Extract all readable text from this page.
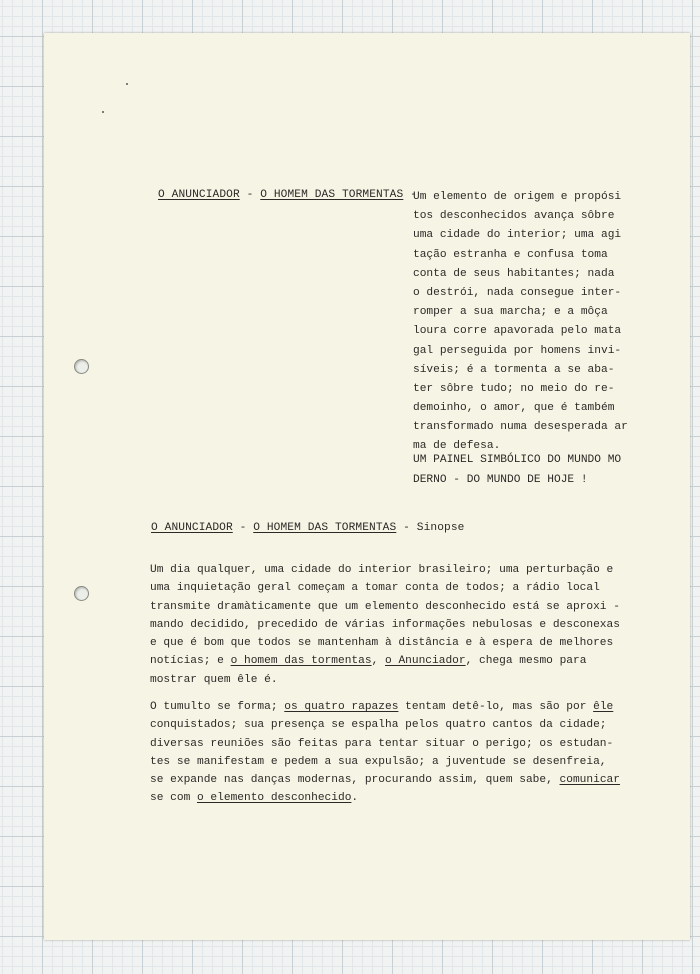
O ANUNCIADOR - O HOMEM DAS TORMENTAS -
Um elemento de origem e propósi
tos desconhecidos avança sôbre
uma cidade do interior; uma agi
tação estranha e confusa toma
conta de seus habitantes; nada
o destrói, nada consegue inter-
romper a sua marcha; e a môça
loura corre apavorada pelo mata
gal perseguida por homens invi-
síveis; é a tormenta a se aba-
ter sôbre tudo; no meio do re-
demoinho, o amor, que é também
transformado numa desesperada ar
ma de defesa.
UM PAINEL SIMBÓLICO DO MUNDO MO
DERNO - DO MUNDO DE HOJE !
O ANUNCIADOR - O HOMEM DAS TORMENTAS - Sinopse
Um dia qualquer, uma cidade do interior brasileiro; uma perturbação e
uma inquietação geral começam a tomar conta de todos; a rádio local
transmite dramàticamente que um elemento desconhecido está se aproxi -
mando decidido, precedido de várias informações nebulosas e desconexas
e que é bom que todos se mantenham à distância e à espera de melhores
notícias; e o homem das tormentas, o Anunciador, chega mesmo para
mostrar quem êle é.
O tumulto se forma; os quatro rapazes tentam detê-lo, mas são por êle
conquistados; sua presença se espalha pelos quatro cantos da cidade;
diversas reuniões são feitas para tentar situar o perigo; os estudan-
tes se manifestam e pedem a sua expulsão; a juventude se desenfreia,
se expande nas danças modernas, procurando assim, quem sabe, comunicar
se com o elemento desconhecido.
